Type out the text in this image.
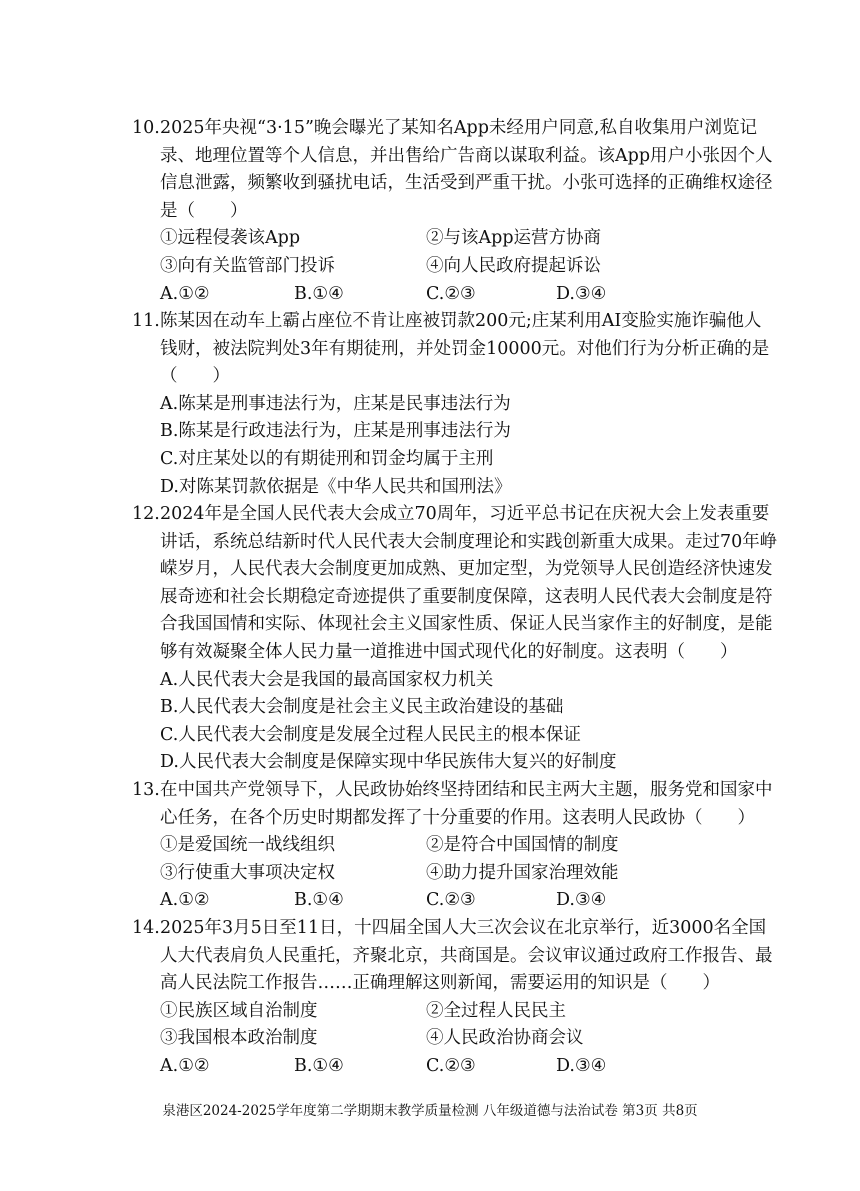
10.2025年央视“3·15”晚会曝光了某知名App未经用户同意,私自收集用户浏览记
录、地理位置等个人信息，并出售给广告商以谋取利益。该App用户小张因个人
信息泄露，频繁收到骚扰电话，生活受到严重干扰。小张可选择的正确维权途径
是（　　）
①远程侵袭该App	②与该App运营方协商
③向有关监管部门投诉	④向人民政府提起诉讼
A.①②	B.①④	C.②③	D.③④
11.陈某因在动车上霸占座位不肯让座被罚款200元;庄某利用AI变脸实施诈骗他人
钱财，被法院判处3年有期徒刑，并处罚金10000元。对他们行为分析正确的是
（　　）
A.陈某是刑事违法行为，庄某是民事违法行为
B.陈某是行政违法行为，庄某是刑事违法行为
C.对庄某处以的有期徒刑和罚金均属于主刑
D.对陈某罚款依据是《中华人民共和国刑法》
12.2024年是全国人民代表大会成立70周年，习近平总书记在庆祝大会上发表重要
讲话，系统总结新时代人民代表大会制度理论和实践创新重大成果。走过70年峥
嵘岁月，人民代表大会制度更加成熟、更加定型，为党领导人民创造经济快速发
展奇迹和社会长期稳定奇迹提供了重要制度保障，这表明人民代表大会制度是符
合我国国情和实际、体现社会主义国家性质、保证人民当家作主的好制度，是能
够有效凝聚全体人民力量一道推进中国式现代化的好制度。这表明（　　）
A.人民代表大会是我国的最高国家权力机关
B.人民代表大会制度是社会主义民主政治建设的基础
C.人民代表大会制度是发展全过程人民民主的根本保证
D.人民代表大会制度是保障实现中华民族伟大复兴的好制度
13.在中国共产党领导下，人民政协始终坚持团结和民主两大主题，服务党和国家中
心任务，在各个历史时期都发挥了十分重要的作用。这表明人民政协（　　）
①是爱国统一战线组织	②是符合中国国情的制度
③行使重大事项决定权	④助力提升国家治理效能
A.①②	B.①④	C.②③	D.③④
14.2025年3月5日至11日，十四届全国人大三次会议在北京举行，近3000名全国
人大代表肩负人民重托，齐聚北京，共商国是。会议审议通过政府工作报告、最
高人民法院工作报告……正确理解这则新闻，需要运用的知识是（　　）
①民族区域自治制度	②全过程人民民主
③我国根本政治制度	④人民政治协商会议
A.①②	B.①④	C.②③	D.③④
泉港区2024-2025学年度第二学期期末教学质量检测 八年级道德与法治试卷 第3页 共8页
